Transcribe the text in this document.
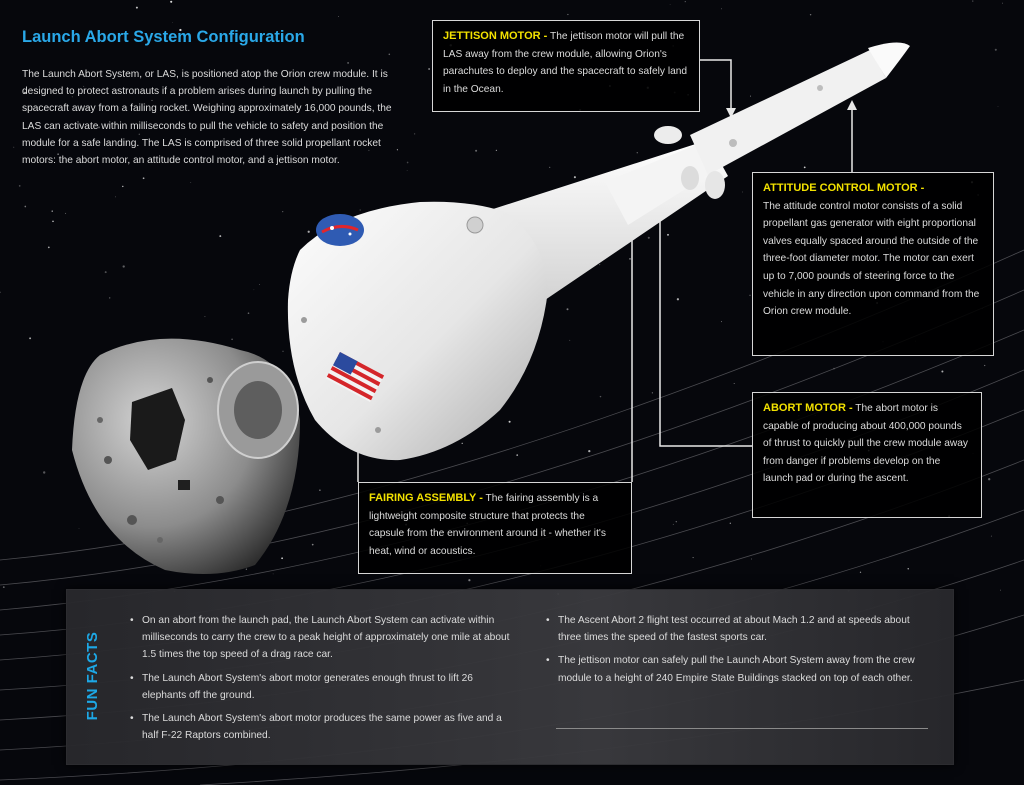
Launch Abort System Configuration
The Launch Abort System, or LAS, is positioned atop the Orion crew module. It is designed to protect astronauts if a problem arises during launch by pulling the spacecraft away from a failing rocket. Weighing approximately 16,000 pounds, the LAS can activate within milliseconds to pull the vehicle to safety and position the module for a safe landing. The LAS is comprised of three solid propellant rocket motors: the abort motor, an attitude control motor, and a jettison motor.
JETTISON MOTOR - The jettison motor will pull the LAS away from the crew module, allowing Orion's parachutes to deploy and the spacecraft to safely land in the Ocean.
ATTITUDE CONTROL MOTOR -
The attitude control motor consists of a solid propellant gas generator with eight proportional valves equally spaced around the outside of the three-foot diameter motor. The motor can exert up to 7,000 pounds of steering force to the vehicle in any direction upon command from the Orion crew module.
ABORT MOTOR - The abort motor is capable of producing about 400,000 pounds of thrust to quickly pull the crew module away from danger if problems develop on the launch pad or during the ascent.
FAIRING ASSEMBLY - The fairing assembly is a lightweight composite structure that protects the capsule from the environment around it - whether it's heat, wind or acoustics.
FUN FACTS
• On an abort from the launch pad, the Launch Abort System can activate within milliseconds to carry the crew to a peak height of approximately one mile at about 1.5 times the top speed of a drag race car.
• The Launch Abort System's abort motor generates enough thrust to lift 26 elephants off the ground.
• The Launch Abort System's abort motor produces the same power as five and a half F-22 Raptors combined.
• The Ascent Abort 2 flight test occurred at about Mach 1.2 and at speeds about three times the speed of the fastest sports car.
• The jettison motor can safely pull the Launch Abort System away from the crew module to a height of 240 Empire State Buildings stacked on top of each other.
